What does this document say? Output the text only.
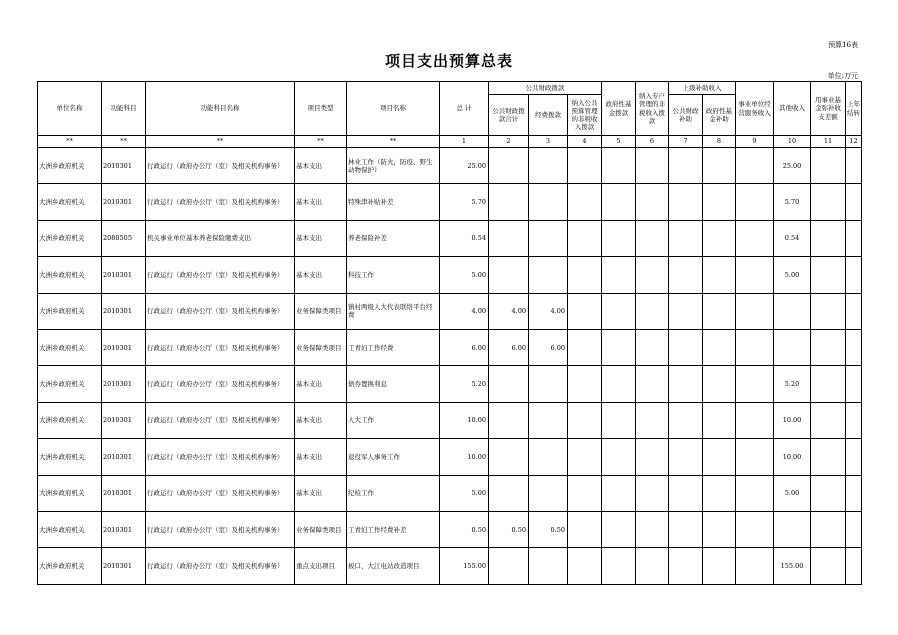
预算16表
项目支出预算总表
单位:万元
单位名称	功能科目	功能科目名称	项目类型	项目名称	总 计	公共财政拨款			政府性基金拨款	纳入专户管理的非税收入拨款	上级补助收入		事业单位经营服务收入	其他收入	用事业基金弥补收支差额	上年结转
						公共财政拨款合计	经费拨款	纳入公共预算管理的非税收入拨款			公共财政补助	政府性基金补助				
**	**	**	**	**	1	2	3	4	5	6	7	8	9	10	11	12
大洲乡政府机关	2010301	行政运行（政府办公厅（室）及相关机构事务）	基本支出	林业工作（防火，防疫、野生动物保护）	25.00									25.00		
大洲乡政府机关	2010301	行政运行（政府办公厅（室）及相关机构事务）	基本支出	特殊津补贴补差	5.70									5.70		
大洲乡政府机关	2080505	机关事业单位基本养老保险缴费支出	基本支出	养老保险补差	0.54									0.54		
大洲乡政府机关	2010301	行政运行（政府办公厅（室）及相关机构事务）	基本支出	科技工作	5.00									5.00		
大洲乡政府机关	2010301	行政运行（政府办公厅（室）及相关机构事务）	业务保障类项目	镇村两级人大代表联络平台经费	4.00	4.00	4.00									
大洲乡政府机关	2010301	行政运行（政府办公厅（室）及相关机构事务）	业务保障类项目	工青妇工作经费	6.00	6.00	6.00									
大洲乡政府机关	2010301	行政运行（政府办公厅（室）及相关机构事务）	基本支出	债券置换利息	5.20									5.20		
大洲乡政府机关	2010301	行政运行（政府办公厅（室）及相关机构事务）	基本支出	人大工作	10.00									10.00		
大洲乡政府机关	2010301	行政运行（政府办公厅（室）及相关机构事务）	基本支出	退役军人事务工作	10.00									10.00		
大洲乡政府机关	2010301	行政运行（政府办公厅（室）及相关机构事务）	基本支出	纪检工作	5.00									5.00		
大洲乡政府机关	2010301	行政运行（政府办公厅（室）及相关机构事务）	业务保障类项目	工青妇工作经费补差	0.50	0.50	0.50									
大洲乡政府机关	2010301	行政运行（政府办公厅（室）及相关机构事务）	重点支出项目	板口、大江电站改造项目	155.00									155.00		
